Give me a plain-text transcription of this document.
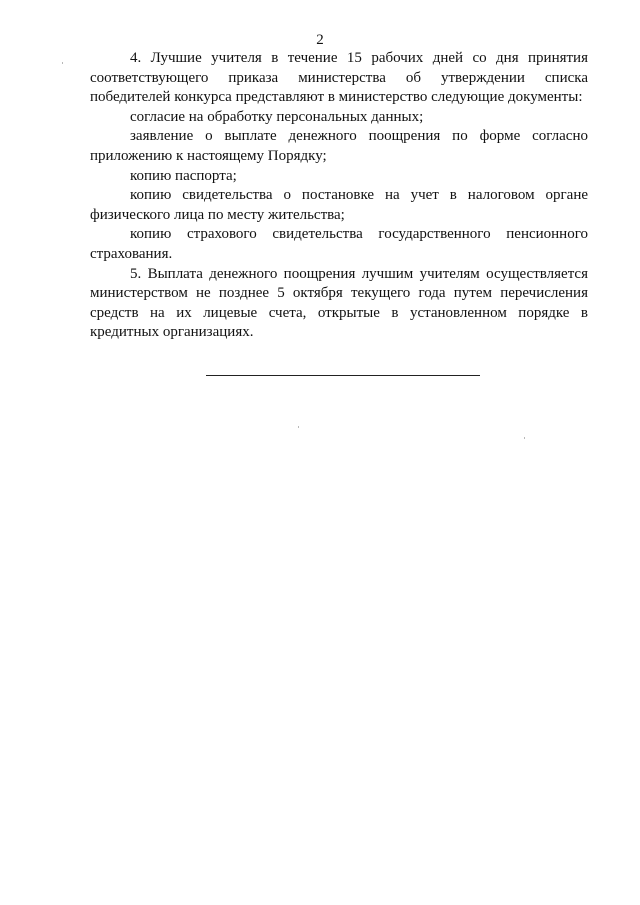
2

4. Лучшие учителя в течение 15 рабочих дней со дня принятия соответствующего приказа министерства об утверждении списка победителей конкурса представляют в министерство следующие документы:

согласие на обработку персональных данных;

заявление о выплате денежного поощрения по форме согласно приложению к настоящему Порядку;

копию паспорта;

копию свидетельства о постановке на учет в налоговом органе физического лица по месту жительства;

копию страхового свидетельства государственного пенсионного страхования.

5. Выплата денежного поощрения лучшим учителям осуществляется министерством не позднее 5 октября текущего года путем перечисления средств на их лицевые счета, открытые в установленном порядке в кредитных организациях.
